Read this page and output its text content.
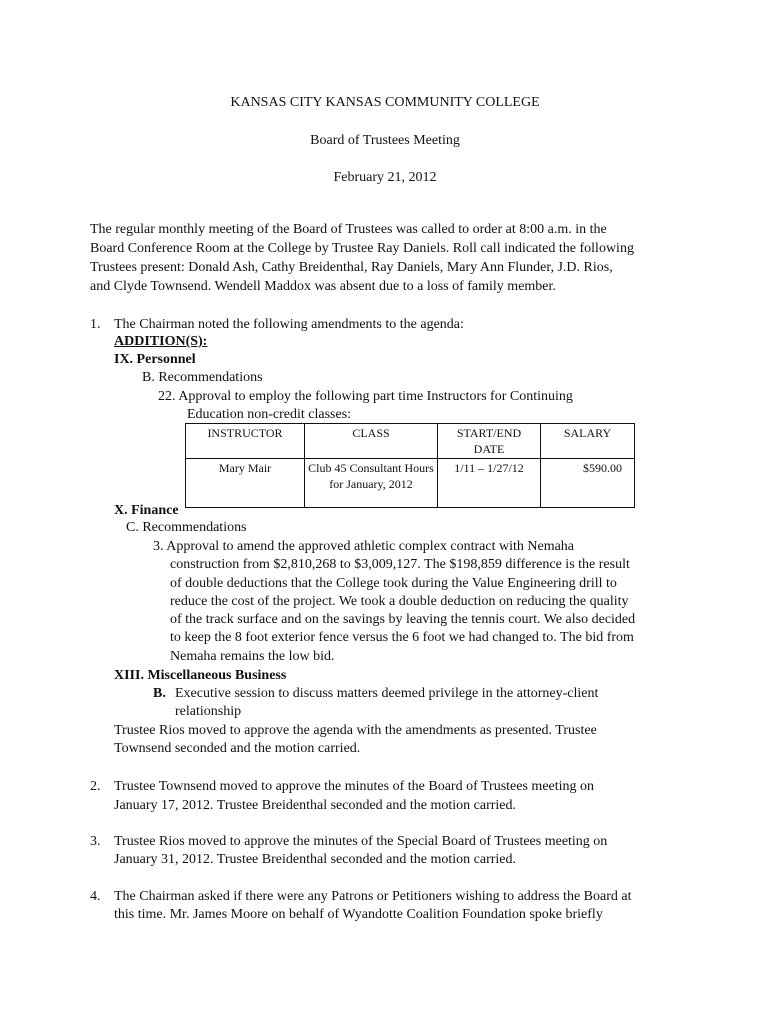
KANSAS CITY KANSAS COMMUNITY COLLEGE
Board of Trustees Meeting
February 21, 2012
The regular monthly meeting of the Board of Trustees was called to order at 8:00 a.m. in the
Board Conference Room at the College by Trustee Ray Daniels. Roll call indicated the following
Trustees present: Donald Ash, Cathy Breidenthal, Ray Daniels, Mary Ann Flunder, J.D. Rios,
and Clyde Townsend. Wendell Maddox was absent due to a loss of family member.
1. The Chairman noted the following amendments to the agenda:
ADDITION(S):
IX. Personnel
B. Recommendations
22. Approval to employ the following part time Instructors for Continuing
Education non-credit classes:
INSTRUCTOR	CLASS	START/END DATE	SALARY
Mary Mair	Club 45 Consultant Hours for January, 2012	1/11 – 1/27/12	$590.00
X. Finance
C. Recommendations
3. Approval to amend the approved athletic complex contract with Nemaha
construction from $2,810,268 to $3,009,127. The $198,859 difference is the result
of double deductions that the College took during the Value Engineering drill to
reduce the cost of the project. We took a double deduction on reducing the quality
of the track surface and on the savings by leaving the tennis court. We also decided
to keep the 8 foot exterior fence versus the 6 foot we had changed to. The bid from
Nemaha remains the low bid.
XIII. Miscellaneous Business
B. Executive session to discuss matters deemed privilege in the attorney-client
relationship
Trustee Rios moved to approve the agenda with the amendments as presented. Trustee
Townsend seconded and the motion carried.
2. Trustee Townsend moved to approve the minutes of the Board of Trustees meeting on
January 17, 2012. Trustee Breidenthal seconded and the motion carried.
3. Trustee Rios moved to approve the minutes of the Special Board of Trustees meeting on
January 31, 2012. Trustee Breidenthal seconded and the motion carried.
4. The Chairman asked if there were any Patrons or Petitioners wishing to address the Board at
this time. Mr. James Moore on behalf of Wyandotte Coalition Foundation spoke briefly
